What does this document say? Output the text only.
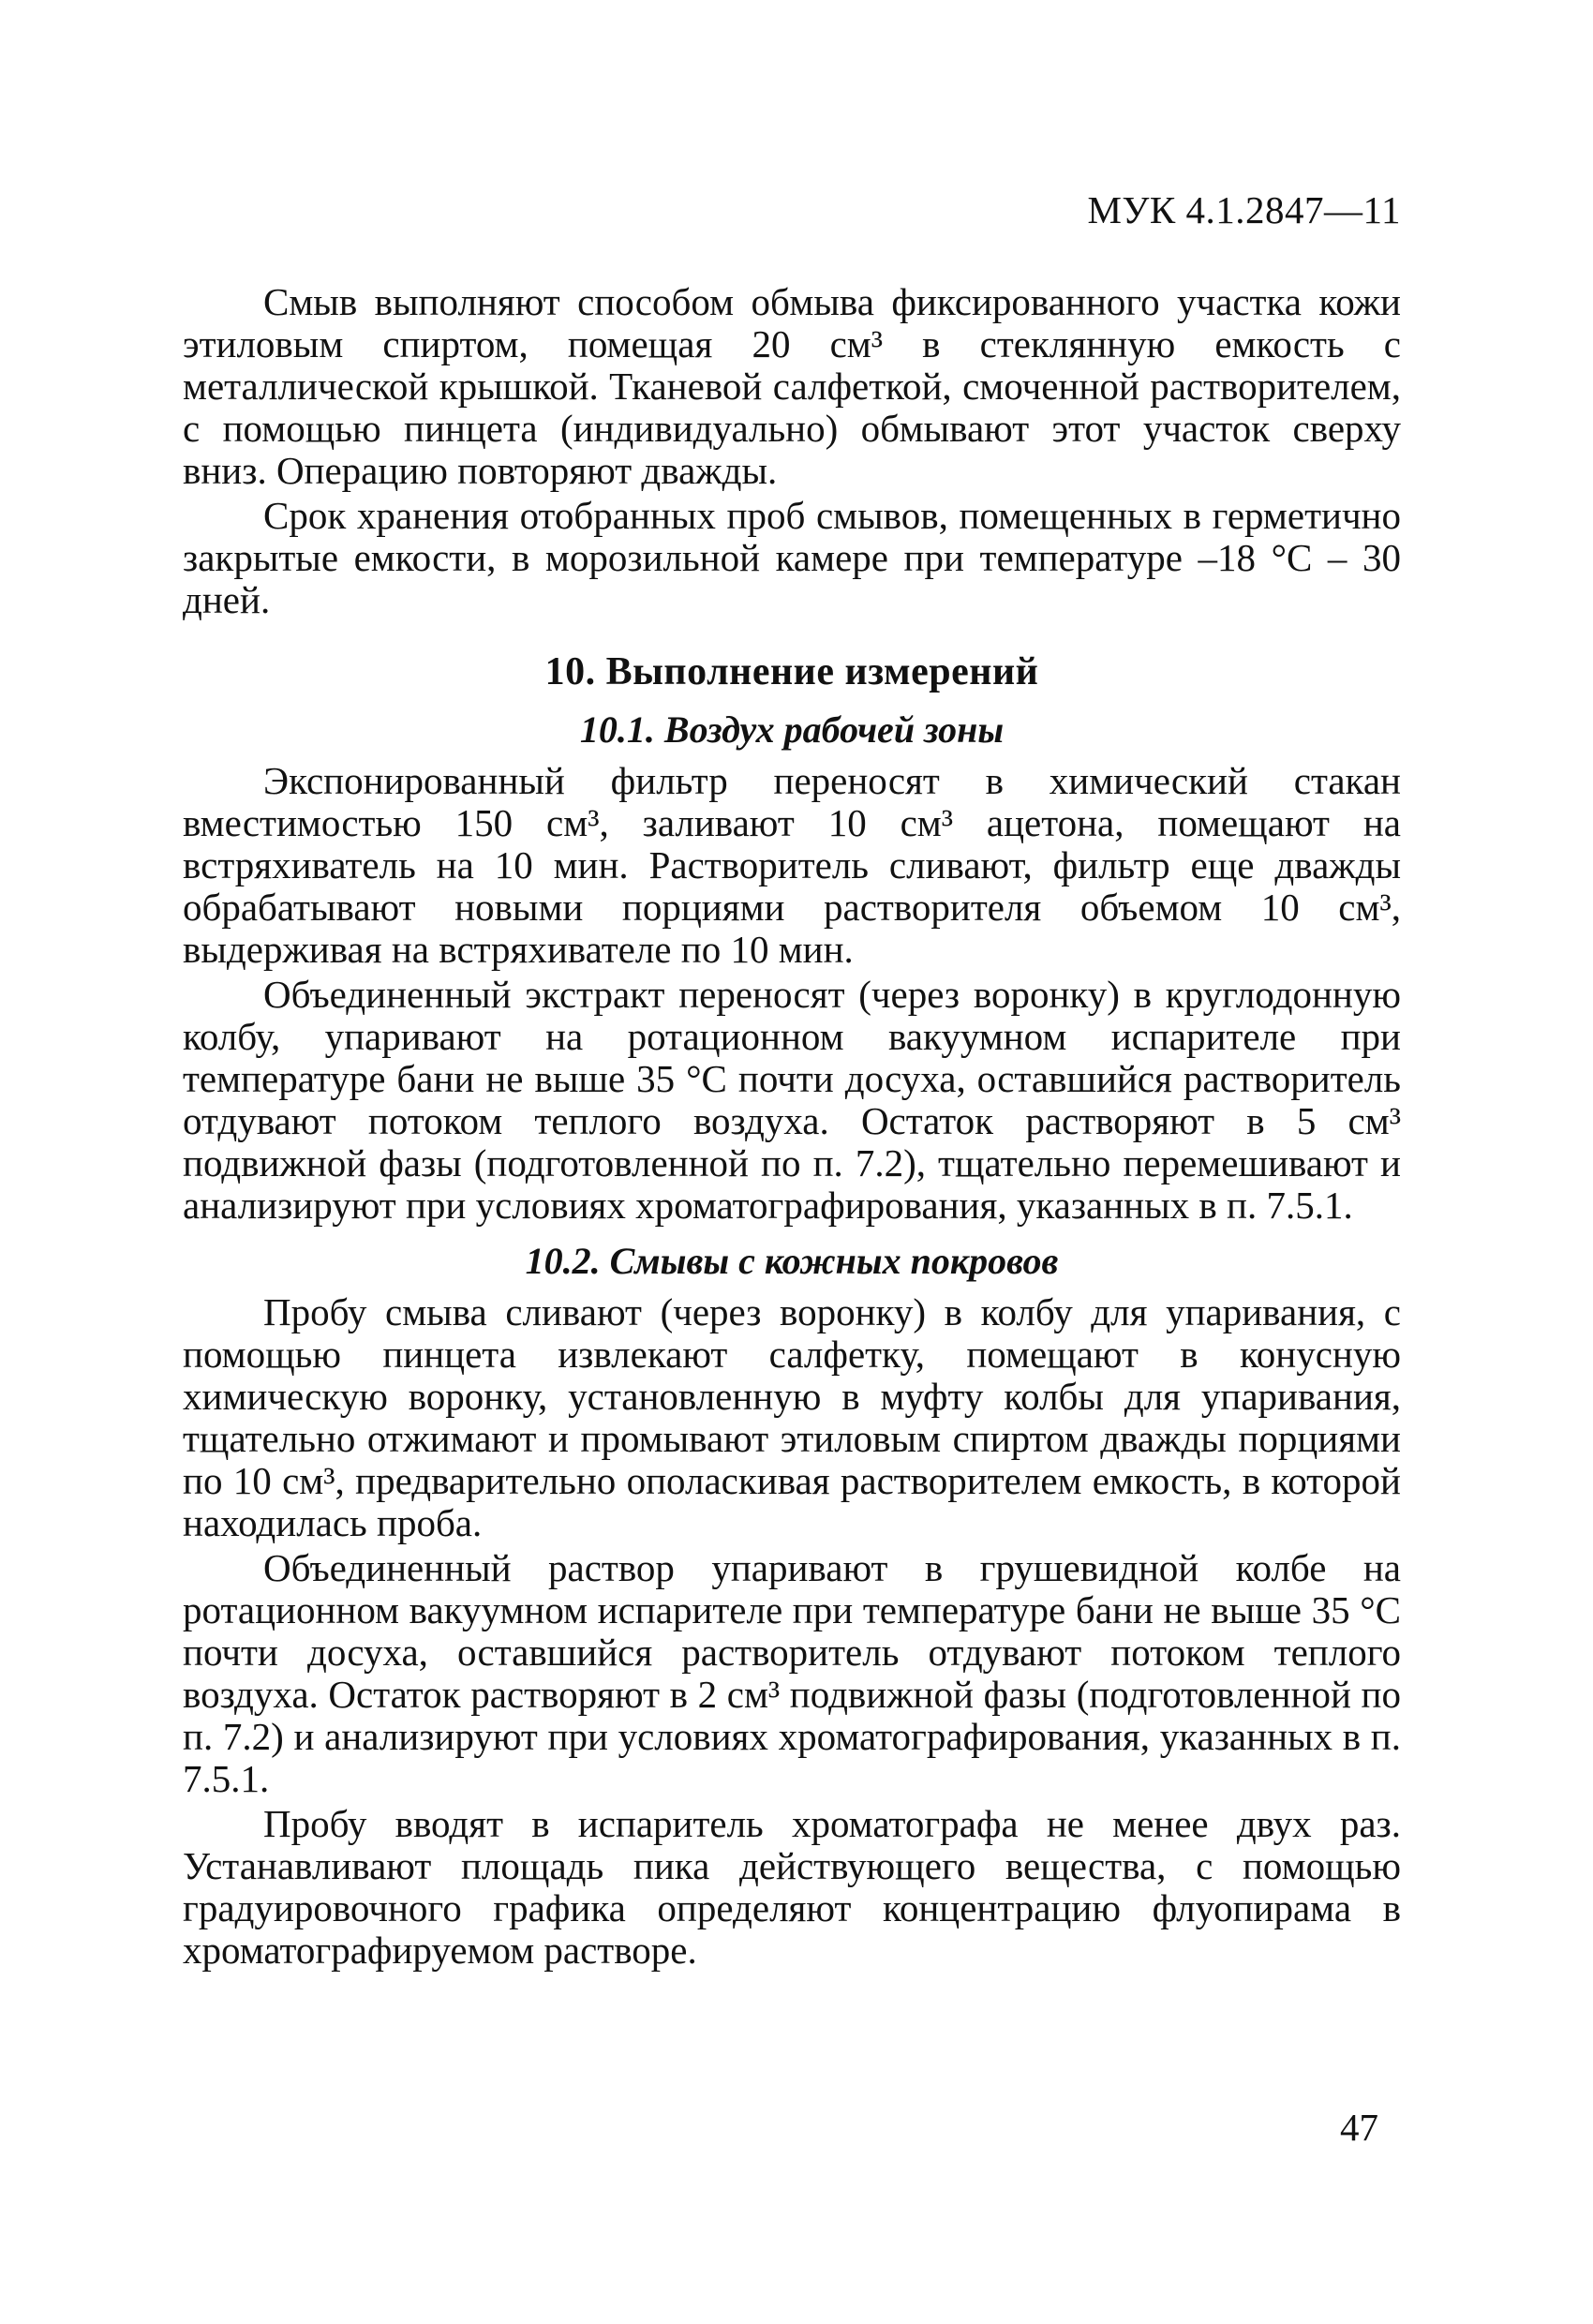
МУК 4.1.2847—11

Смыв выполняют способом обмыва фиксированного участка кожи этиловым спиртом, помещая 20 см³ в стеклянную емкость с металлической крышкой. Тканевой салфеткой, смоченной растворителем, с помощью пинцета (индивидуально) обмывают этот участок сверху вниз. Операцию повторяют дважды.

Срок хранения отобранных проб смывов, помещенных в герметично закрытые емкости, в морозильной камере при температуре –18 °С – 30 дней.

10. Выполнение измерений
10.1. Воздух рабочей зоны

Экспонированный фильтр переносят в химический стакан вместимостью 150 см³, заливают 10 см³ ацетона, помещают на встряхиватель на 10 мин. Растворитель сливают, фильтр еще дважды обрабатывают новыми порциями растворителя объемом 10 см³, выдерживая на встряхивателе по 10 мин.

Объединенный экстракт переносят (через воронку) в круглодонную колбу, упаривают на ротационном вакуумном испарителе при температуре бани не выше 35 °С почти досуха, оставшийся растворитель отдувают потоком теплого воздуха. Остаток растворяют в 5 см³ подвижной фазы (подготовленной по п. 7.2), тщательно перемешивают и анализируют при условиях хроматографирования, указанных в п. 7.5.1.

10.2. Смывы с кожных покровов

Пробу смыва сливают (через воронку) в колбу для упаривания, с помощью пинцета извлекают салфетку, помещают в конусную химическую воронку, установленную в муфту колбы для упаривания, тщательно отжимают и промывают этиловым спиртом дважды порциями по 10 см³, предварительно ополаскивая растворителем емкость, в которой находилась проба.

Объединенный раствор упаривают в грушевидной колбе на ротационном вакуумном испарителе при температуре бани не выше 35 °С почти досуха, оставшийся растворитель отдувают потоком теплого воздуха. Остаток растворяют в 2 см³ подвижной фазы (подготовленной по п. 7.2) и анализируют при условиях хроматографирования, указанных в п. 7.5.1.

Пробу вводят в испаритель хроматографа не менее двух раз. Устанавливают площадь пика действующего вещества, с помощью градуировочного графика определяют концентрацию флуопирама в хроматографируемом растворе.

47
